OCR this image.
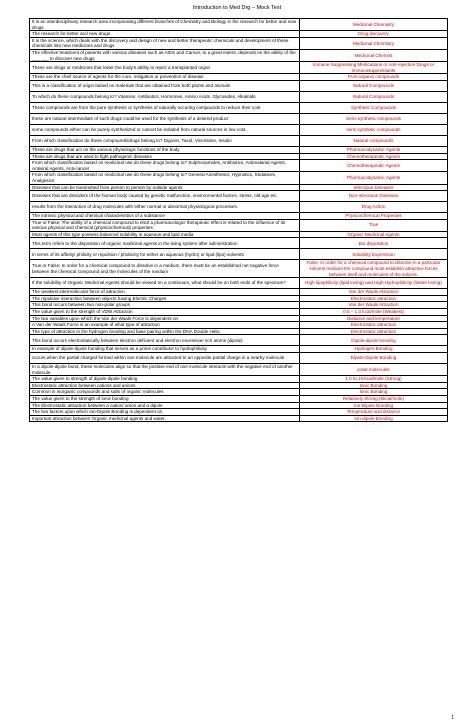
Introduction to Med Drg – Mock Test
It is an interdisciplinary research area incorporating different branches of Chemistry and Biology in the research for better and new drugs	Medicinal Chemistry
The research for better and new drugs	Drug discovery
It is the science, which deals with the discovery and design of new and better therapeutic chemicals and development of these chemicals into new medicines and drugs	Medicinal Chemistry
The effective treatment of patients with various diseases such as AIDS and Cancer, to a great extent, depends on the ability of the ___ ___ to discover new drugs	Medicinal Chemist
These are drugs or medicines that lower the body's ability to reject a transplanted organ	Immune Suppressing Medications or Anti-rejection Drugs or Immunosuppressants
These are the chief source of agents for the cure, mitigation or prevention of disease	Pure organic compounds
This is a classification of origin based on materials that are obtained from both plants and animals	Natural Compounds
To which do these compounds belong to? Vitamins, Antibiotics, Hormones, Amino Acids, Glycosides, Alkaloids	Natural Compounds
These compounds are from the pure synthesis or synthesis of naturally occuring compounds to reduce their cost	Synthetic Compounds
these are natural intermediate of such drugs could be used for the synthesis of a desired product	Semi synthetic compounds
some compounds either can be purely synthesized or cannot be isolated from natural sources in low cost.	semi synthetic compounds
From which classification do these compounds/drugs belong to? Digoxin, Taxol, Vincristine, Insulin	Natural compounds
These are drugs that act on the various physiologic functions of the body	Pharmacodynamic Agents
These are drugs that are used to fight pathogenic diseases	Chemotherapeutic Agents
From which classification based on medicinal use do these drugs belong to? Sulphonamides, Antibiotics, Antimalarial Agents, Antiviral Agents, Anti-cancer	Chemotherapeutic Agents
From which classification based on medicinal use do these drugs belong to? General Anesthetics, Hypnotics, Sedatives, Analgesics	Pharmacodynamic Agents
Diseases that can be transmitted from person to person by outside agents	Infectious Diseases
Diseases that are disorders of the human body caused by genetic malfunction, environmental factors, stress, old age etc	Non-infectious Diseases
results from the interaction of drug molecules with either normal or abnormal physiological processes.	Drug Action
The intrinsic physical and chemical characteristics of a substance	Physicochemical Properties
True or False: The ability of a chemical compound to elicit a pharmacologic/ therapeutic effect is related to the influence of its various physical and chemical (physicochemical) properties	True
Most agents of this type possess balanced solubility in aqueous and lipid media	Organic Medicinal Agents
This term refers to the disposition of organic medicinal agents in the living system after administration	Bio disposition
In terms of its affinity/ philicity or repulsion / phobicity for either an aqueous (hydro) or lipid (lipo) solvents	Solubility Expression
True or False: In order for a chemical compound to dissolve in a medium, there must be an established net negative force between the chemical compound and the molecules of the medium	False: In order for a chemical compound to dissolve in a particular solvent/ medium the compound must establish attractive forces between itself and molecules of the solvent.
If the solubility of Organic Medicinal Agents should be viewed on a continuum, what should be on both ends of the spectrum?	High lipophilicity (lipid loving) and High Hydrophilicity (Water loving)
The weakest intermolecular force of attraction	Van der Waals Attraction
The repulsive interaction between objects having Electric Charges	Electrostatic attraction
This bond occurs between two non-polar groups	Van der Waals Attraction
The value given to the strength of VDW Attraction	0.5 – 1.0 kcal/mole (Weakest)
The two variables upon which the Van der Waals Force is dependent on	Distance and temperature
A Van der Waals Force is an example of what type of attraction	Electrostatic attraction
The type of attraction in the hydrogen bonding and base pairing within the DNA Double Helix	Electrostatic attraction
This bond occurs electrostatically between electron deficient and electron excessive/ rich atoms (dipole)	Dipole-dipole bonding
In example of dipole-dipole bonding that serves as a prime contributor to hydrophilicity	Hydrogen Bonding
occurs when the partial charged formed within one molecule are attracted to an opposite partial charge in a nearby molecule	Dipole-Dipole Bonding
In a dipole-dipole bond, these molecules align so that the positive end of one molecule interacts with the negative end of another molecule.	polar molecules
The value given to strength of dipole-dipole bonding	1.0 to 10 kcal/mole (Strong)
Electrostatic attraction between cations and anions	Ionic Bonding
Common in inorganic compounds and salts of organic molecules	Ionic Bonding
The value given to the strength of ionic bonding	Relatively Strong (5kcal/mole)
The Electrostatic attraction between a cation/ anion and a dipole	Ion-Dipole Bonding
The two factors upon which Ion-Dipole Bonding is dependent on	Temperature and distance
Important attraction between Organic medicinal agents and water.	Ion-dipole Bonding
1
